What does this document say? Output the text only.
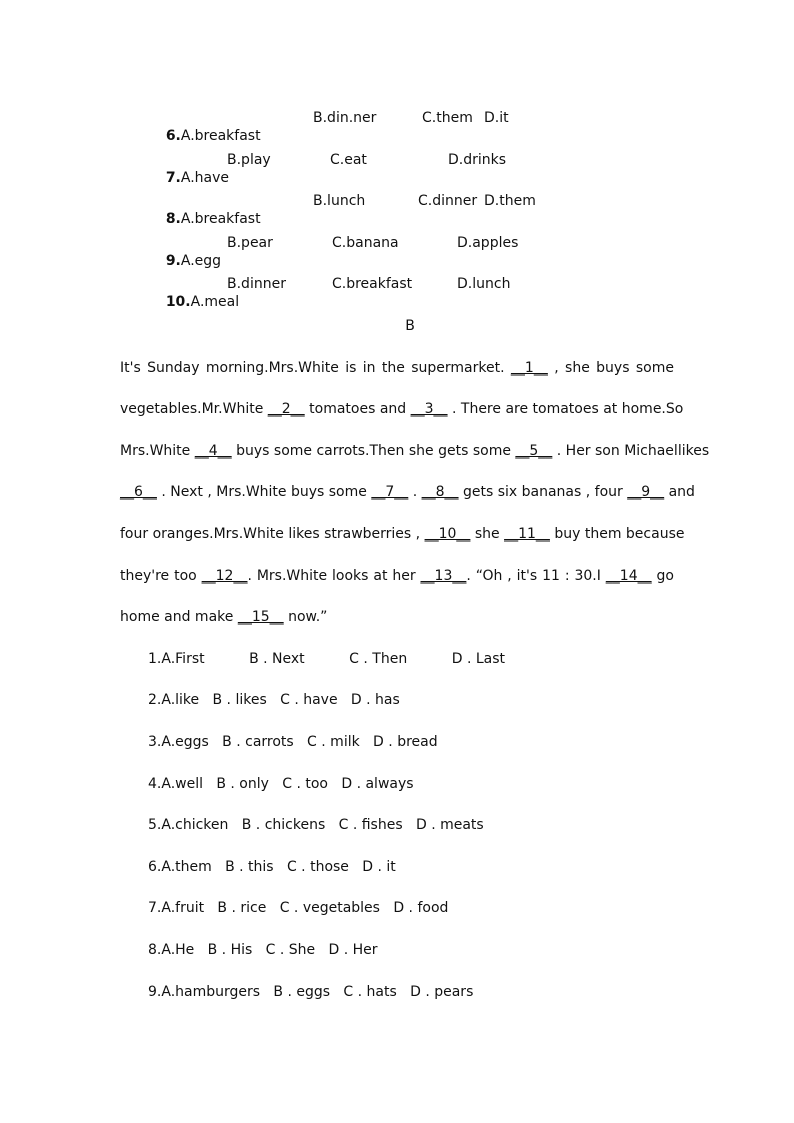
6.A.breakfast

B.din.ner	C.them D.it

7.A.have

B.play	C.eat	D.drinks

8.A.breakfast

B.lunch	C.dinner D.them

9.A.egg

B.pear	C.banana	D.apples

10.A.meal

B.dinner	C.breakfast	D.lunch
B
It's Sunday morning.Mrs.White is in the supermarket. __1__ , she buys some
vegetables.Mr.White __2__ tomatoes and __3__ . There are tomatoes at home.So
Mrs.White __4__ buys some carrots.Then she gets some __5__ . Her son Michaellikes
__6__ . Next , Mrs.White buys some __7__ . __8__ gets six bananas , four __9__ and
four oranges.Mrs.White likes strawberries , __10__ she __11__ buy them because
they're too __12__. Mrs.White looks at her __13__. “Oh , it's 11 : 30.I __14__ go
home and make __15__ now.”
1.A.First          B . Next          C . Then          D . Last
2.A.like   B . likes   C . have   D . has
3.A.eggs   B . carrots   C . milk   D . bread
4.A.well   B . only   C . too   D . always
5.A.chicken   B . chickens   C . fishes   D . meats
6.A.them   B . this   C . those   D . it
7.A.fruit   B . rice   C . vegetables   D . food
8.A.He   B . His   C . She   D . Her
9.A.hamburgers   B . eggs   C . hats   D . pears
